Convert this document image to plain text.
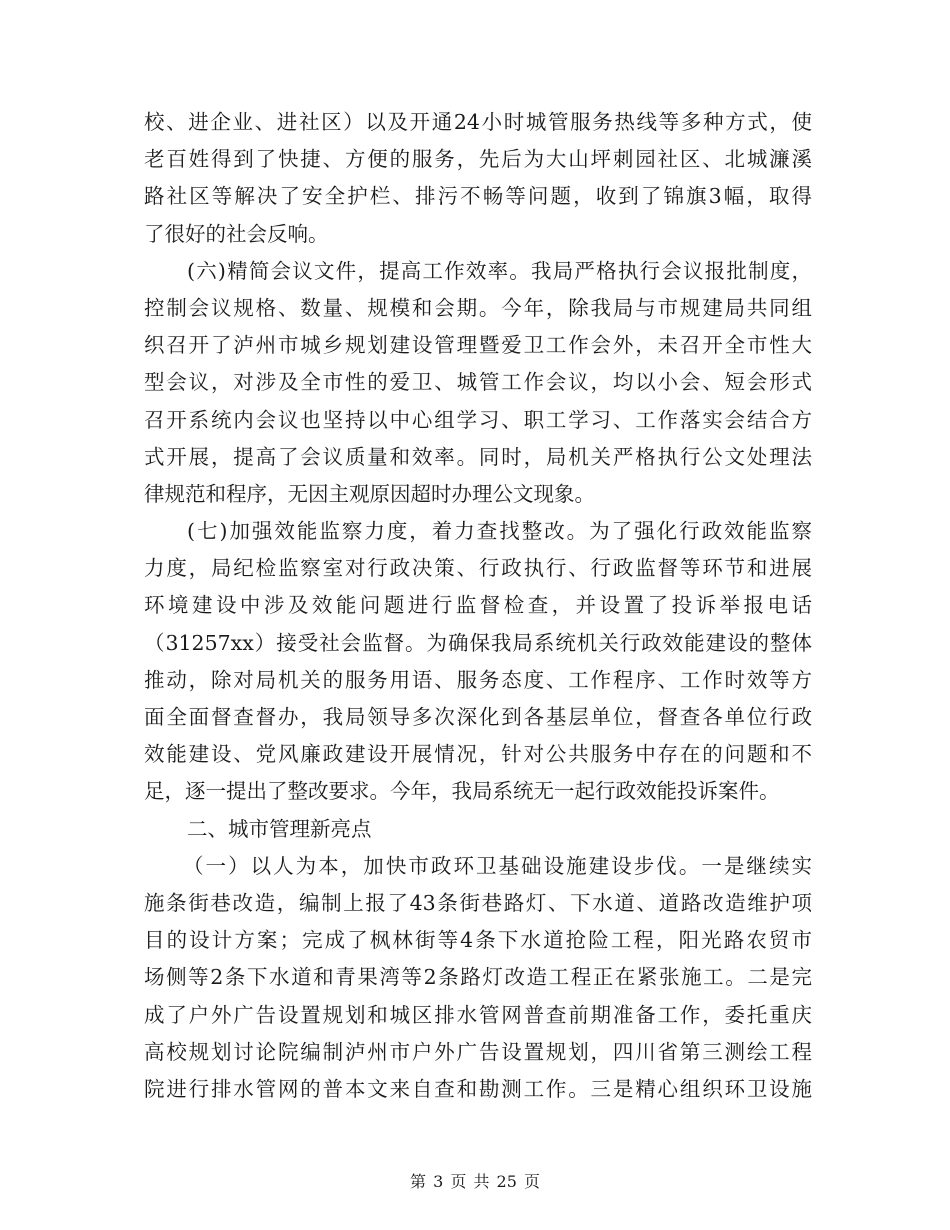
校、进企业、进社区）以及开通24小时城管服务热线等多种方式，使
老百姓得到了快捷、方便的服务，先后为大山坪刺园社区、北城濂溪
路社区等解决了安全护栏、排污不畅等问题，收到了锦旗3幅，取得
了很好的社会反响。
(六)精简会议文件，提高工作效率。我局严格执行会议报批制度，
控制会议规格、数量、规模和会期。今年，除我局与市规建局共同组
织召开了泸州市城乡规划建设管理暨爱卫工作会外，未召开全市性大
型会议，对涉及全市性的爱卫、城管工作会议，均以小会、短会形式
召开系统内会议也坚持以中心组学习、职工学习、工作落实会结合方
式开展，提高了会议质量和效率。同时，局机关严格执行公文处理法
律规范和程序，无因主观原因超时办理公文现象。
(七)加强效能监察力度，着力查找整改。为了强化行政效能监察
力度，局纪检监察室对行政决策、行政执行、行政监督等环节和进展
环境建设中涉及效能问题进行监督检查，并设置了投诉举报电话
（31257xx）接受社会监督。为确保我局系统机关行政效能建设的整体
推动，除对局机关的服务用语、服务态度、工作程序、工作时效等方
面全面督查督办，我局领导多次深化到各基层单位，督查各单位行政
效能建设、党风廉政建设开展情况，针对公共服务中存在的问题和不
足，逐一提出了整改要求。今年，我局系统无一起行政效能投诉案件。
二、城市管理新亮点
（一）以人为本，加快市政环卫基础设施建设步伐。一是继续实
施条街巷改造，编制上报了43条街巷路灯、下水道、道路改造维护项
目的设计方案；完成了枫林街等4条下水道抢险工程，阳光路农贸市
场侧等2条下水道和青果湾等2条路灯改造工程正在紧张施工。二是完
成了户外广告设置规划和城区排水管网普查前期准备工作，委托重庆
高校规划讨论院编制泸州市户外广告设置规划，四川省第三测绘工程
院进行排水管网的普本文来自查和勘测工作。三是精心组织环卫设施
第 3 页 共 25 页
